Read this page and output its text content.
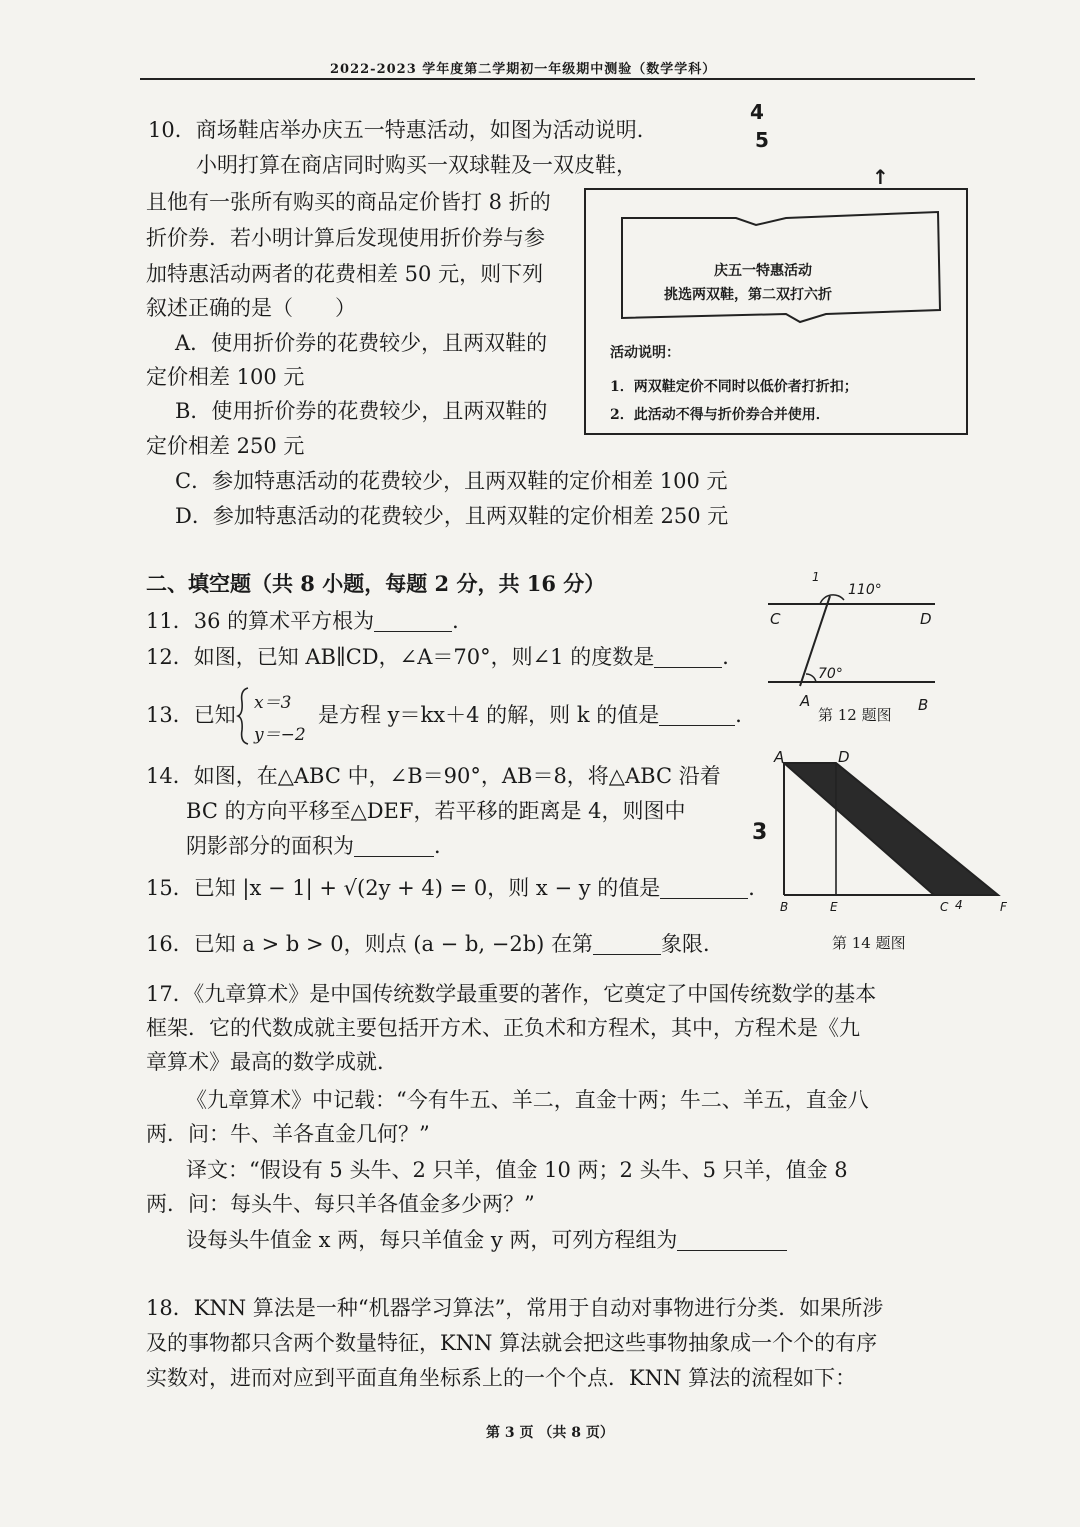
2022-2023 学年度第二学期初一年级期中测验（数学学科）
4
5
↑
10．商场鞋店举办庆五一特惠活动，如图为活动说明．
小明打算在商店同时购买一双球鞋及一双皮鞋，
且他有一张所有购买的商品定价皆打 8 折的
折价券．若小明计算后发现使用折价券与参
加特惠活动两者的花费相差 50 元，则下列
叙述正确的是（　　）
A．使用折价券的花费较少，且两双鞋的
定价相差 100 元
B．使用折价券的花费较少，且两双鞋的
定价相差 250 元
C．参加特惠活动的花费较少，且两双鞋的定价相差 100 元
D．参加特惠活动的花费较少，且两双鞋的定价相差 250 元
庆五一特惠活动
挑选两双鞋，第二双打六折
活动说明：
1．两双鞋定价不同时以低价者打折扣；
2．此活动不得与折价券合并使用．
二、填空题（共 8 小题，每题 2 分，共 16 分）
11．36 的算术平方根为	．
12．如图，已知 AB∥CD，∠A＝70°，则∠1 的度数是	．
C	D
1
110°
70°
A	B
第 12 题图
13．已知 x＝3
y＝−2
是方程 y＝kx＋4 的解，则 k 的值是	．
14．如图，在△ABC 中，∠B＝90°，AB＝8，将△ABC 沿着
BC 的方向平移至△DEF，若平移的距离是 4，则图中
阴影部分的面积为	．
3
A	D
B	E	C 4	F
第 14 题图
15．已知 |x − 1| + √(2y + 4) = 0，则 x − y 的值是	．
16．已知 a > b > 0，则点 (a − b, −2b) 在第	象限．
17．《九章算术》是中国传统数学最重要的著作，它奠定了中国传统数学的基本
框架．它的代数成就主要包括开方术、正负术和方程术，其中，方程术是《九
章算术》最高的数学成就．
《九章算术》中记载：“今有牛五、羊二，直金十两；牛二、羊五，直金八
两．问：牛、羊各直金几何？”
译文：“假设有 5 头牛、2 只羊，值金 10 两；2 头牛、5 只羊，值金 8
两．问：每头牛、每只羊各值金多少两？”
设每头牛值金 x 两，每只羊值金 y 两，可列方程组为
18．KNN 算法是一种“机器学习算法”，常用于自动对事物进行分类．如果所涉
及的事物都只含两个数量特征，KNN 算法就会把这些事物抽象成一个个的有序
实数对，进而对应到平面直角坐标系上的一个个点．KNN 算法的流程如下：
第 3 页 （共 8 页）
